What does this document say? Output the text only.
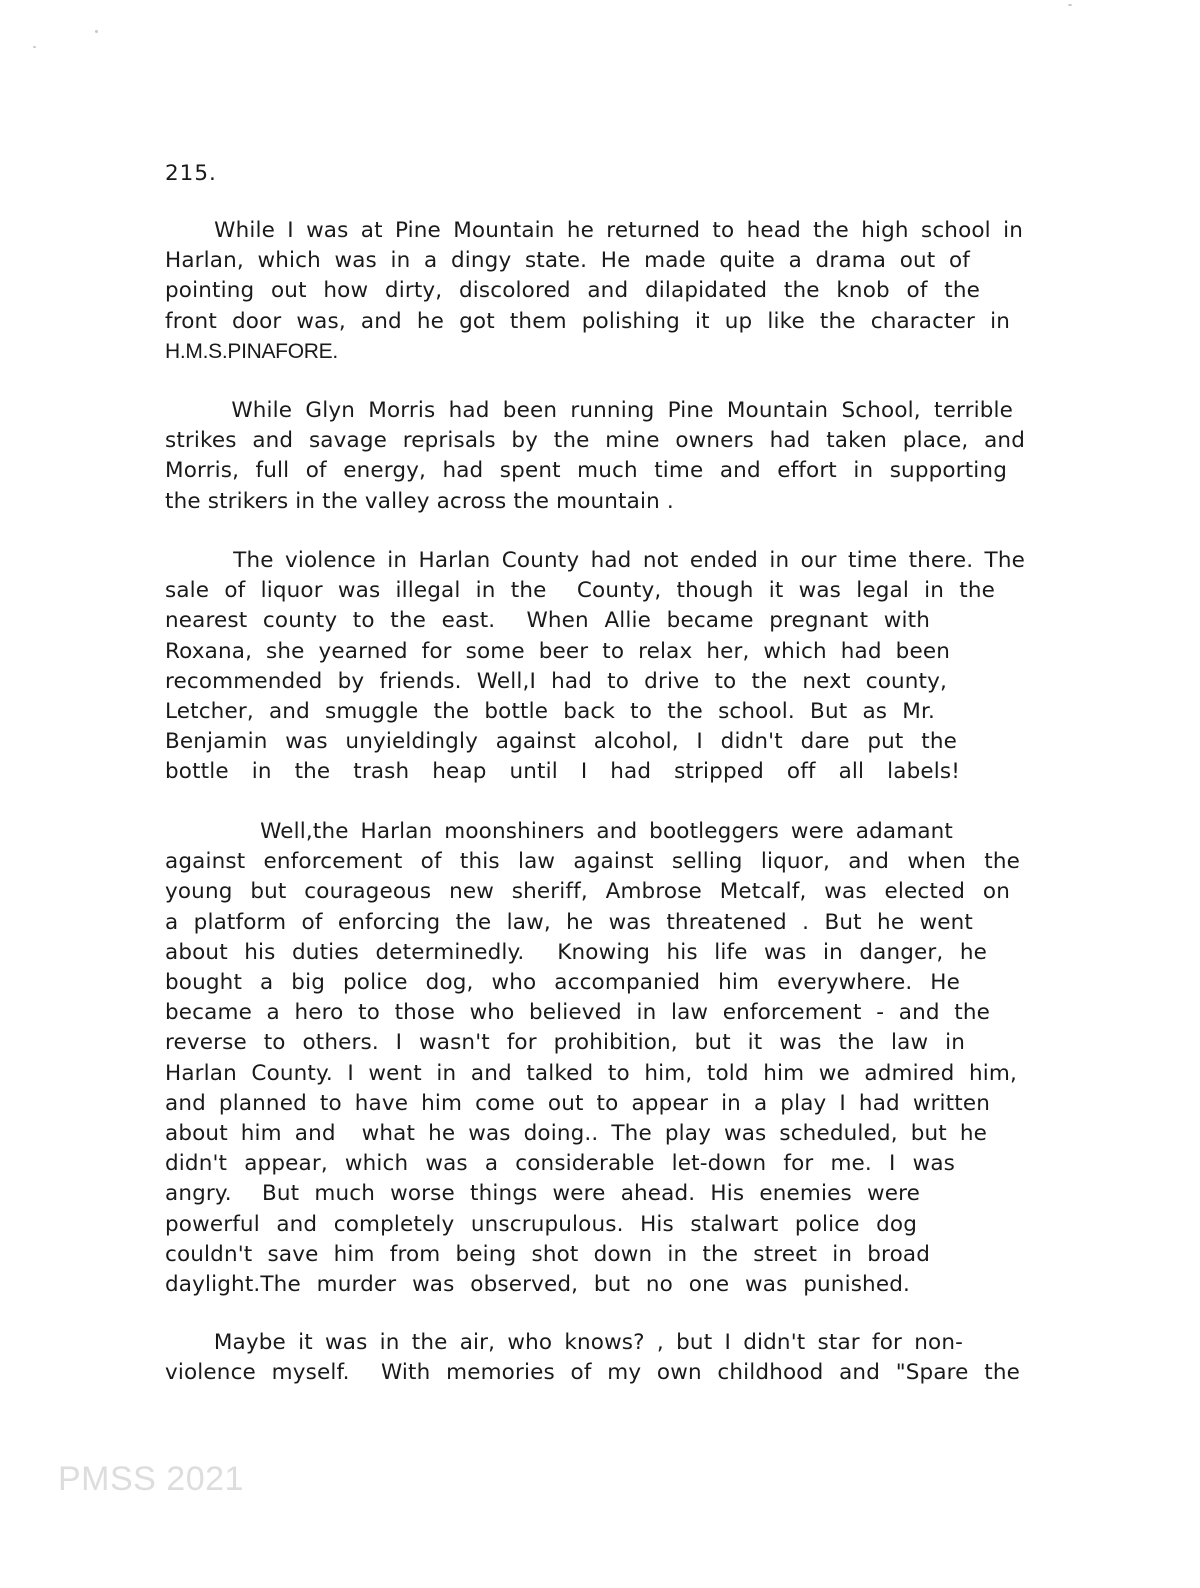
215.
While I was at Pine Mountain he returned to head the high school in
Harlan, which was in a dingy state. He made quite a drama out of
pointing out how dirty, discolored and dilapidated the knob of the
front door was, and he got them polishing it up like the character in
H.M.S.PINAFORE.
While Glyn Morris had been running Pine Mountain School, terrible
strikes and savage reprisals by the mine owners had taken place, and
Morris, full of energy, had spent much time and effort in supporting
the strikers in the valley across the mountain .
The violence in Harlan County had not ended in our time there. The
sale of liquor was illegal in the  County, though it was legal in the
nearest county to the east.  When Allie became pregnant with
Roxana, she yearned for some beer to relax her, which had been
recommended by friends. Well,I had to drive to the next county,
Letcher, and smuggle the bottle back to the school. But as Mr.
Benjamin was unyieldingly against alcohol, I didn't dare put the
bottle in the trash heap until I had stripped off all labels!
Well,the Harlan moonshiners and bootleggers were adamant
against enforcement of this law against selling liquor, and when the
young but courageous new sheriff, Ambrose Metcalf, was elected on
a platform of enforcing the law, he was threatened . But he went
about his duties determinedly.  Knowing his life was in danger, he
bought a big police dog, who accompanied him everywhere. He
became a hero to those who believed in law enforcement - and the
reverse to others. I wasn't for prohibition, but it was the law in
Harlan County. I went in and talked to him, told him we admired him,
and planned to have him come out to appear in a play I had written
about him and  what he was doing.. The play was scheduled, but he
didn't appear, which was a considerable let-down for me. I was
angry.  But much worse things were ahead. His enemies were
powerful and completely unscrupulous. His stalwart police dog
couldn't save him from being shot down in the street in broad
daylight.The murder was observed, but no one was punished.
Maybe it was in the air, who knows? , but I didn't star for non-
violence myself.  With memories of my own childhood and "Spare the
PMSS 2021
